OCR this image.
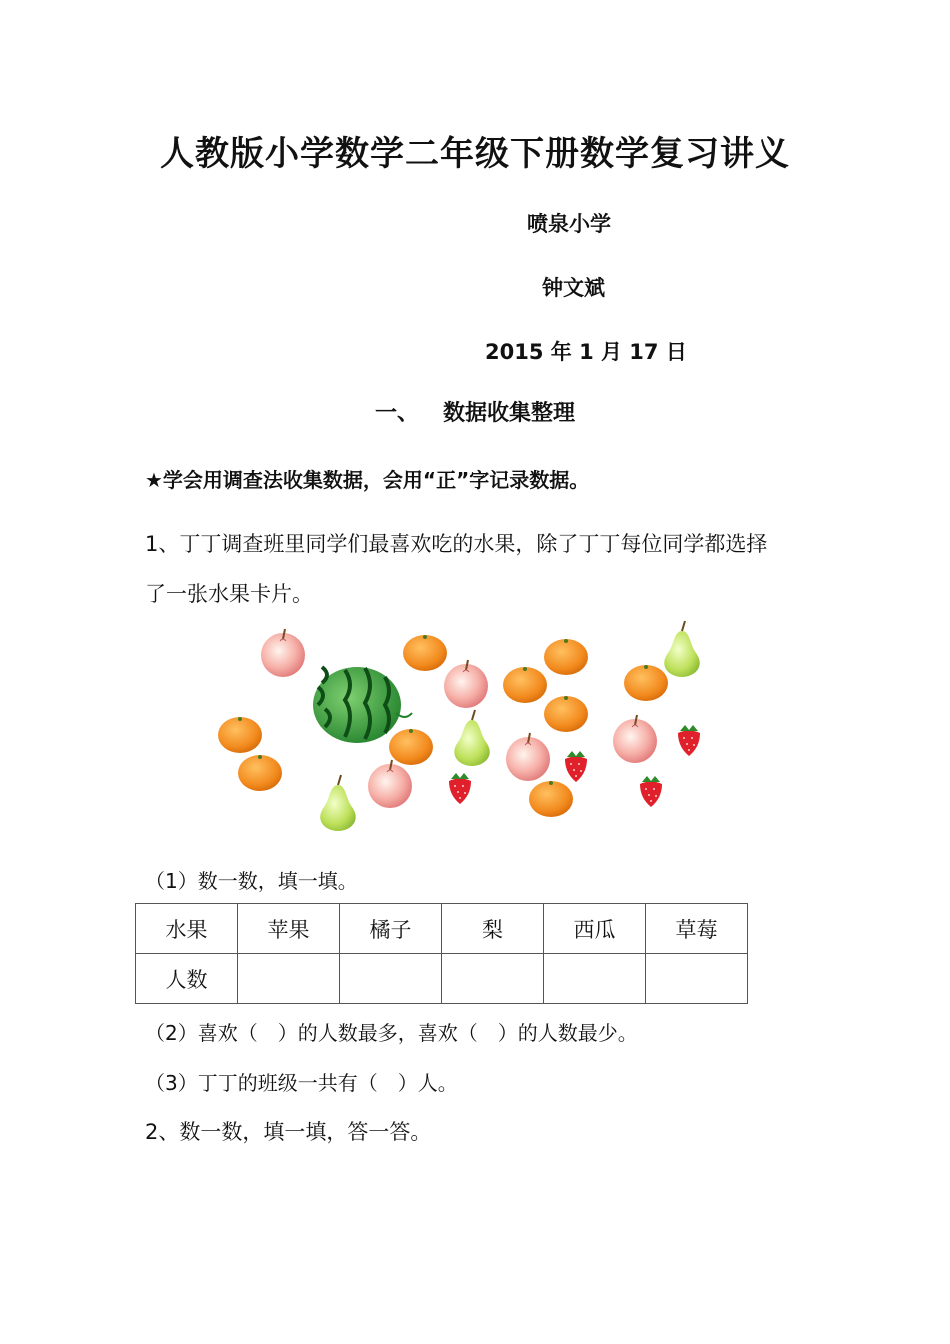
人教版小学数学二年级下册数学复习讲义
喷泉小学
钟文斌
2015 年 1 月 17 日
一、 数据收集整理
★学会用调查法收集数据，会用“正”字记录数据。
1、丁丁调查班里同学们最喜欢吃的水果，除了丁丁每位同学都选择
了一张水果卡片。
（1）数一数，填一填。
水果	苹果	橘子	梨	西瓜	草莓
人数					
（2）喜欢（　）的人数最多，喜欢（　）的人数最少。
（3）丁丁的班级一共有（　）人。
2、数一数，填一填，答一答。
